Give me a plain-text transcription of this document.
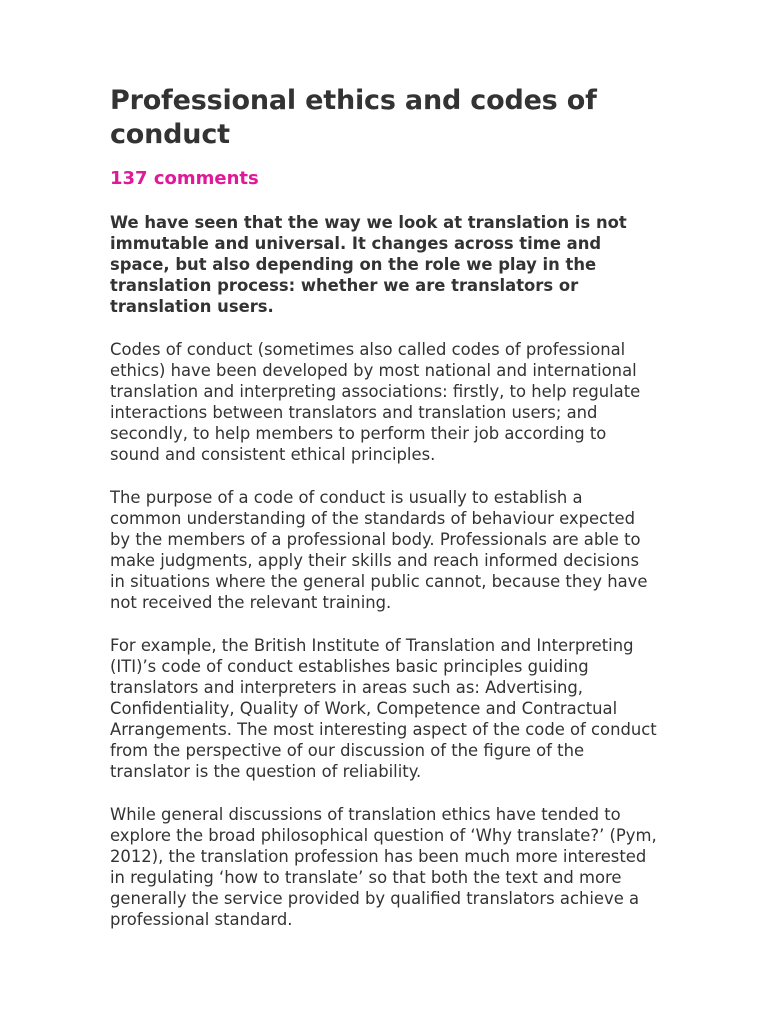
Professional ethics and codes of conduct
137 comments

We have seen that the way we look at translation is not immutable and universal. It changes across time and space, but also depending on the role we play in the translation process: whether we are translators or translation users.

Codes of conduct (sometimes also called codes of professional ethics) have been developed by most national and international translation and interpreting associations: firstly, to help regulate interactions between translators and translation users; and secondly, to help members to perform their job according to sound and consistent ethical principles.

The purpose of a code of conduct is usually to establish a common understanding of the standards of behaviour expected by the members of a professional body. Professionals are able to make judgments, apply their skills and reach informed decisions in situations where the general public cannot, because they have not received the relevant training.

For example, the British Institute of Translation and Interpreting (ITI)’s code of conduct establishes basic principles guiding translators and interpreters in areas such as: Advertising, Confidentiality, Quality of Work, Competence and Contractual Arrangements. The most interesting aspect of the code of conduct from the perspective of our discussion of the figure of the translator is the question of reliability.

While general discussions of translation ethics have tended to explore the broad philosophical question of ‘Why translate?’ (Pym, 2012), the translation profession has been much more interested in regulating ‘how to translate’ so that both the text and more generally the service provided by qualified translators achieve a professional standard.
